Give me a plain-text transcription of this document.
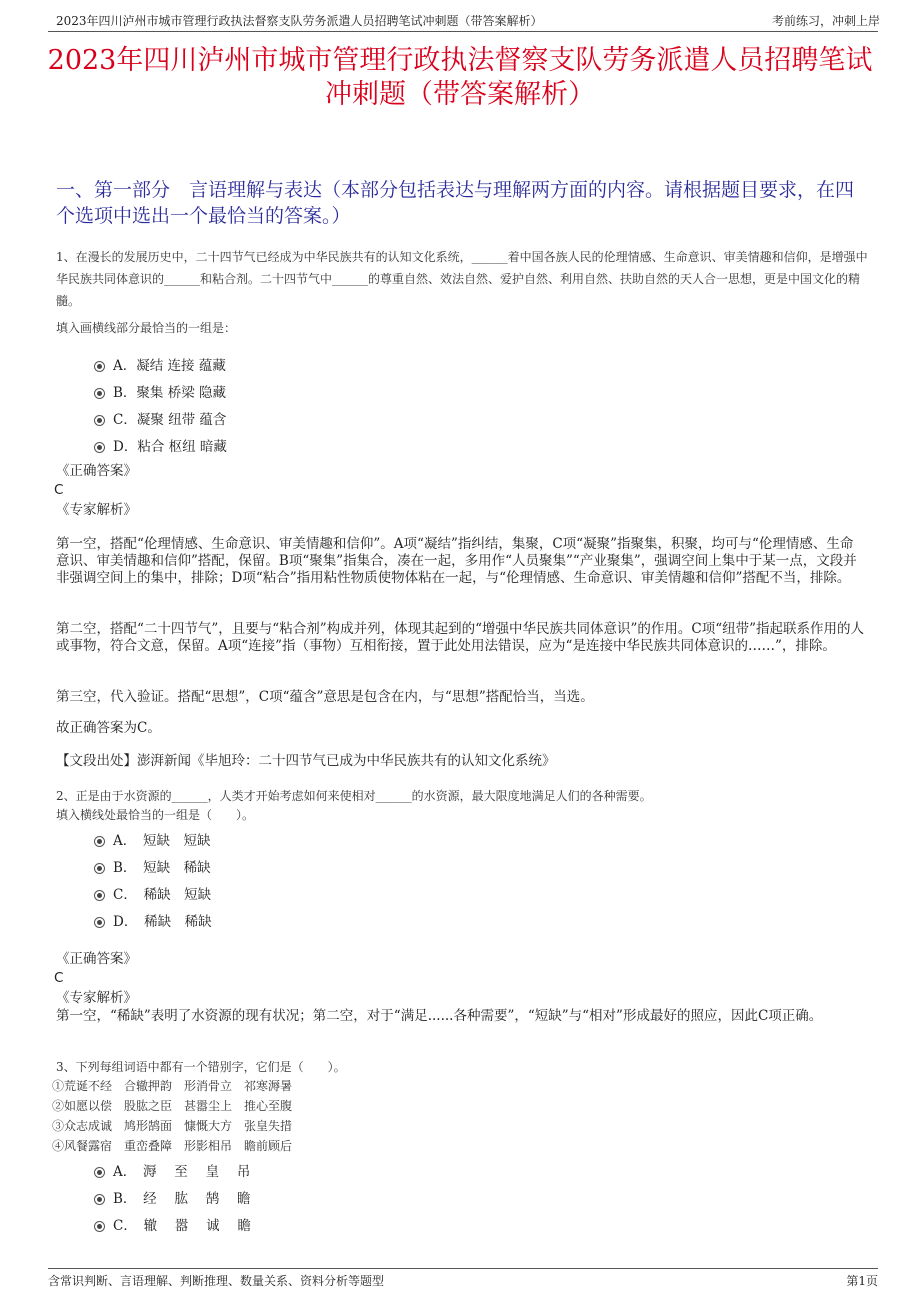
2023年四川泸州市城市管理行政执法督察支队劳务派遣人员招聘笔试冲刺题（带答案解析）	考前练习，冲刺上岸
2023年四川泸州市城市管理行政执法督察支队劳务派遣人员招聘笔试冲刺题（带答案解析）
一、第一部分　言语理解与表达（本部分包括表达与理解两方面的内容。请根据题目要求，在四个选项中选出一个最恰当的答案。）
1、在漫长的发展历史中，二十四节气已经成为中华民族共有的认知文化系统，______着中国各族人民的伦理情感、生命意识、审美情趣和信仰，是增强中华民族共同体意识的______和粘合剂。二十四节气中______的尊重自然、效法自然、爱护自然、利用自然、扶助自然的天人合一思想，更是中国文化的精髓。
填入画横线部分最恰当的一组是：
A．凝结 连接 蕴藏
B．聚集 桥梁 隐藏
C．凝聚 纽带 蕴含
D．粘合 枢纽 暗藏
《正确答案》
C
《专家解析》
第一空，搭配“伦理情感、生命意识、审美情趣和信仰”。A项“凝结”指纠结，集聚，C项“凝聚”指聚集，积聚，均可与“伦理情感、生命意识、审美情趣和信仰”搭配，保留。B项“聚集”指集合，凑在一起，多用作“人员聚集”“产业聚集”，强调空间上集中于某一点，文段并非强调空间上的集中，排除；D项“粘合”指用粘性物质使物体粘在一起，与“伦理情感、生命意识、审美情趣和信仰”搭配不当，排除。
第二空，搭配“二十四节气”，且要与“粘合剂”构成并列，体现其起到的“增强中华民族共同体意识”的作用。C项“纽带”指起联系作用的人或事物，符合文意，保留。A项“连接”指（事物）互相衔接，置于此处用法错误，应为“是连接中华民族共同体意识的……”，排除。
第三空，代入验证。搭配“思想”，C项“蕴含”意思是包含在内，与“思想”搭配恰当，当选。
故正确答案为C。
【文段出处】澎湃新闻《毕旭玲：二十四节气已成为中华民族共有的认知文化系统》
2、正是由于水资源的______，人类才开始考虑如何来使相对______的水资源，最大限度地满足人们的各种需要。
填入横线处最恰当的一组是（　　）。
A．　短缺　短缺
B．　短缺　稀缺
C．　稀缺　短缺
D．　稀缺　稀缺
《正确答案》
C
《专家解析》
第一空，“稀缺”表明了水资源的现有状况；第二空，对于“满足......各种需要”，“短缺”与“相对”形成最好的照应，因此C项正确。
3、下列每组词语中都有一个错别字，它们是（　　）。
①荒诞不经　合辙押韵　形消骨立　祁寒溽暑
②如愿以偿　股肱之臣　甚嚣尘上　推心至腹
③众志成诚　鸠形鹄面　慷慨大方　张皇失措
④风餐露宿　重峦叠障　形影相吊　瞻前顾后
A．　溽　 至　 皇　 吊
B．　经　 肱　 鹄　 瞻
C．　辙　 嚣　 诚　 瞻
含常识判断、言语理解、判断推理、数量关系、资料分析等题型	第1页
